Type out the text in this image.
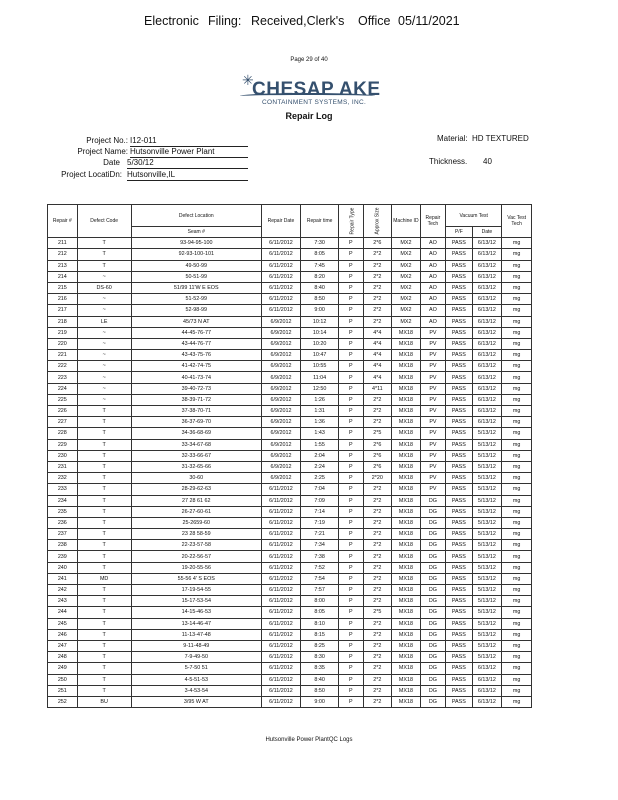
Electronic Filing: Received,Clerk's Office 05/11/2021
Page 29 of 40
✳
CHESAP AKE
CONTAINMENT SYSTEMS, INC.
Repair Log
Project No.: I12-011
Project Name: Hutsonville Power Plant
Date 5/30/12
Project LocatiDn: Hutsonville,IL
Material: HD TEXTURED
Thickness. 40
Repair #	Defect Code	Defect Location	Repair Date	Repair time	Repair Type	Approx Size	Machine ID	Repair Tech	Vacuum Test		Vac Test Tech
		Seam #							P/F	Date	
211	T	93-94-95-100	6/11/2012	7:30	P	2*6	MX2	AO	PASS	6/13/12	mg
212	T	92-93-100-101	6/11/2012	8:05	P	2*2	MX2	AO	PASS	6/13/12	mg
213	T	49-50-99	6/11/2012	7:45	P	2*2	MX2	AO	PASS	6/13/12	mg
214	~	50-51-99	6/11/2012	8:20	P	2*2	MX2	AO	PASS	6/13/12	mg
215	DS-60	51/99 11'W E EOS	6/11/2012	8:40	P	2*2	MX2	AO	PASS	6/13/12	mg
216	~	51-52-99	6/11/2012	8:50	P	2*2	MX2	AO	PASS	6/13/12	mg
217	~	52-98-99	6/11/2012	9:00	P	2*2	MX2	AO	PASS	6/13/12	mg
218	LE	45/73 N AT	6/9/2012	10:12	P	2*2	MX2	AO	PASS	6/13/12	mg
219	~	44-45-76-77	6/9/2012	10:14	P	4*4	MX18	PV	PASS	6/13/12	mg
220	~	43-44-76-77	6/9/2012	10:20	P	4*4	MX18	PV	PASS	6/13/12	mg
221	~	43-43-75-76	6/9/2012	10:47	P	4*4	MX18	PV	PASS	6/13/12	mg
222	~	41-42-74-75	6/9/2012	10:55	P	4*4	MX18	PV	PASS	6/13/12	mg
223	~	40-41-73-74	6/9/2012	11:04	P	4*4	MX18	PV	PASS	6/13/12	mg
224	~	39-40-72-73	6/9/2012	12:50	P	4*11	MX18	PV	PASS	6/13/12	mg
225	~	38-39-71-72	6/9/2012	1:26	P	2*2	MX18	PV	PASS	6/13/12	mg
226	T	37-38-70-71	6/9/2012	1:31	P	2*2	MX18	PV	PASS	6/13/12	mg
227	T	36-37-69-70	6/9/2012	1:36	P	2*2	MX18	PV	PASS	6/13/12	mg
228	T	34-36-68-69	6/9/2012	1:43	P	2*5	MX18	PV	PASS	5/13/12	mg
229	T	33-34-67-68	6/9/2012	1:55	P	2*6	MX18	PV	PASS	5/13/12	mg
230	T	32-33-66-67	6/9/2012	2:04	P	2*6	MX18	PV	PASS	5/13/12	mg
231	T	31-32-65-66	6/9/2012	2:24	P	2*6	MX18	PV	PASS	5/13/12	mg
232	T	30-60	6/9/2012	2:25	P	2*20	MX18	PV	PASS	5/13/12	mg
233	T	28-29-62-63	6/11/2012	7:04	P	2*2	MX18	PV	PASS	5/13/12	mg
234	T	27 28 61 62	6/11/2012	7:09	P	2*2	MX18	DG	PASS	5/13/12	mg
235	T	26-27-60-61	6/11/2012	7:14	P	2*2	MX18	DG	PASS	5/13/12	mg
236	T	25-2659-60	6/11/2012	7:19	P	2*2	MX18	DG	PASS	5/13/12	mg
237	T	23 28 58-59	6/11/2012	7:21	P	2*2	MX18	DG	PASS	5/13/12	mg
238	T	22-23-57-58	6/11/2012	7:34	P	2*2	MX18	DG	PASS	5/13/12	mg
239	T	20-22-56-57	6/11/2012	7:38	P	2*2	MX18	DG	PASS	5/13/12	mg
240	T	19-20-55-56	6/11/2012	7:52	P	2*2	MX18	DG	PASS	5/13/12	mg
241	MD	55-56 4' S EOS	6/11/2012	7:54	P	2*2	MX18	DG	PASS	5/13/12	mg
242	T	17-19-54-55	6/11/2012	7:57	P	2*2	MX18	DG	PASS	5/13/12	mg
243	T	15-17-53-54	6/11/2012	8:00	P	2*2	MX18	DG	PASS	5/13/12	mg
244	T	14-15-46-53	6/11/2012	8:05	P	2*5	MX18	DG	PASS	5/13/12	mg
245	T	13-14-46-47	6/11/2012	8:10	P	2*2	MX18	DG	PASS	5/13/12	mg
246	T	11-13-47-48	6/11/2012	8:15	P	2*2	MX18	DG	PASS	5/13/12	mg
247	T	9-11-48-49	6/11/2012	8:25	P	2*2	MX18	DG	PASS	5/13/12	mg
248	T	7-9-49-50	6/11/2012	8:30	P	2*2	MX18	DG	PASS	5/13/12	mg
249	T	5-7-50 51	6/11/2012	8:35	P	2*2	MX18	DG	PASS	6/13/12	mg
250	T	4-5-51-53	6/11/2012	8:40	P	2*2	MX18	DG	PASS	6/13/12	mg
251	T	3-4-53-54	6/11/2012	8:50	P	2*2	MX18	DG	PASS	6/13/12	mg
252	BU	3/95 W AT	6/11/2012	9:00	P	2*2	MX18	DG	PASS	6/13/12	mg
Hutsonville Power PlantQC Logs
